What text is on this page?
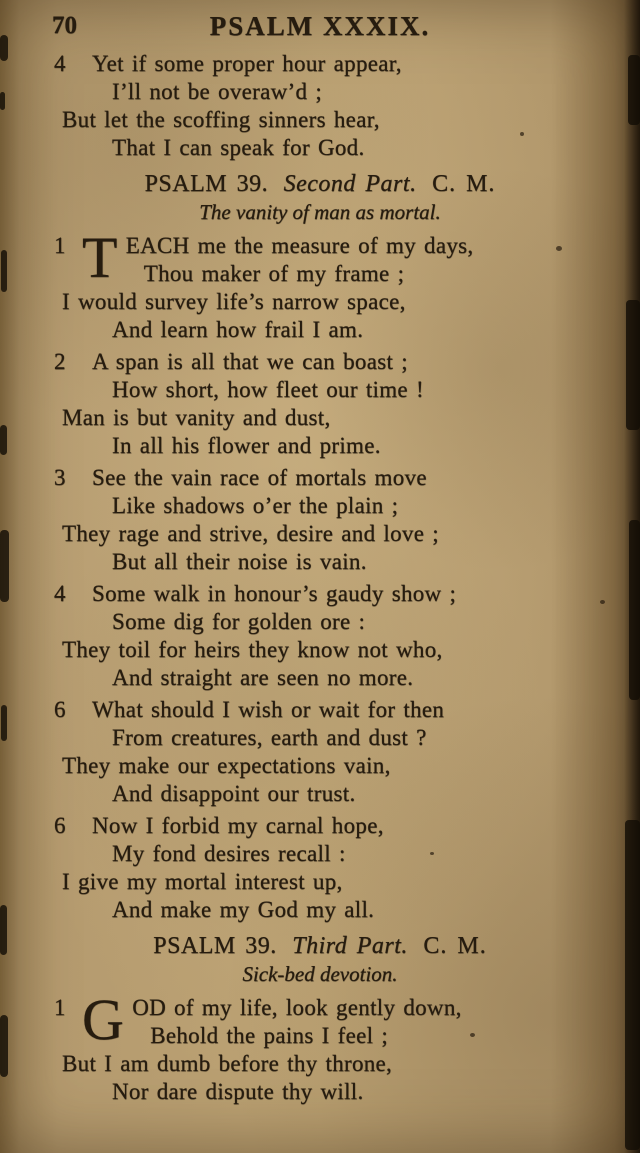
70	PSALM XXXIX.
4 Yet if some proper hour appear,
I’ll not be overaw’d ;
But let the scoffing sinners hear,
That I can speak for God.
PSALM 39. Second Part. C. M.
The vanity of man as mortal.
1 T EACH me the measure of my days,
Thou maker of my frame ;
I would survey life’s narrow space,
And learn how frail I am.
2 A span is all that we can boast ;
How short, how fleet our time !
Man is but vanity and dust,
In all his flower and prime.
3 See the vain race of mortals move
Like shadows o’er the plain ;
They rage and strive, desire and love ;
But all their noise is vain.
4 Some walk in honour’s gaudy show ;
Some dig for golden ore :
They toil for heirs they know not who,
And straight are seen no more.
6 What should I wish or wait for then
From creatures, earth and dust ?
They make our expectations vain,
And disappoint our trust.
6 Now I forbid my carnal hope,
My fond desires recall :
I give my mortal interest up,
And make my God my all.
PSALM 39. Third Part. C. M.
Sick-bed devotion.
1 G OD of my life, look gently down,
Behold the pains I feel ;
But I am dumb before thy throne,
Nor dare dispute thy will.
